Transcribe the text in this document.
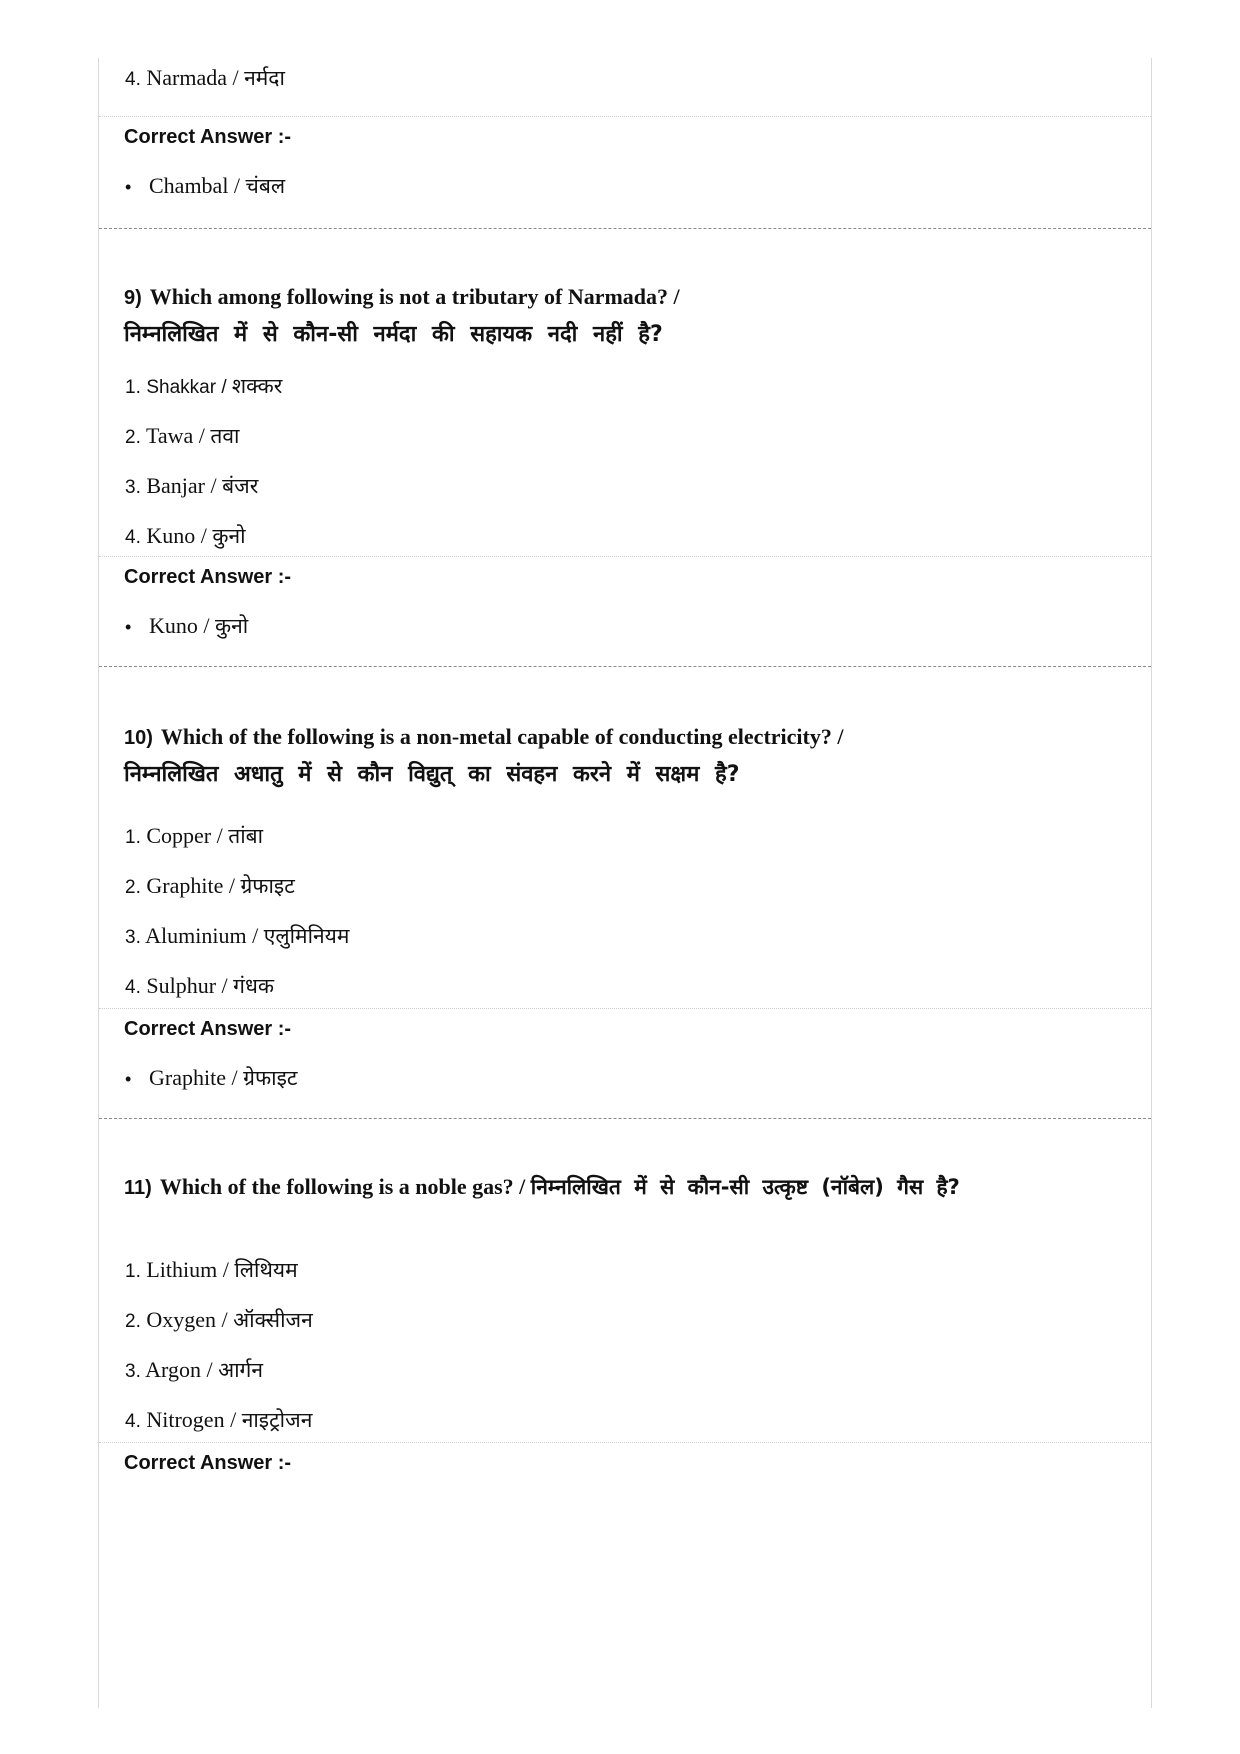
4. Narmada / नर्मदा
Correct Answer :-
• Chambal / चंबल
9) Which among following is not a tributary of Narmada? /
निम्नलिखित में से कौन-सी नर्मदा की सहायक नदी नहीं है?
1. Shakkar / शक्कर
2. Tawa / तवा
3. Banjar / बंजर
4. Kuno / कुनो
Correct Answer :-
• Kuno / कुनो
10) Which of the following is a non-metal capable of conducting electricity? /
निम्नलिखित अधातु में से कौन विद्युत् का संवहन करने में सक्षम है?
1. Copper / तांबा
2. Graphite / ग्रेफाइट
3. Aluminium / एलुमिनियम
4. Sulphur / गंधक
Correct Answer :-
• Graphite / ग्रेफाइट
11) Which of the following is a noble gas? / निम्नलिखित में से कौन-सी उत्कृष्ट (नॉबेल) गैस है?
1. Lithium / लिथियम
2. Oxygen / ऑक्सीजन
3. Argon / आर्गन
4. Nitrogen / नाइट्रोजन
Correct Answer :-
